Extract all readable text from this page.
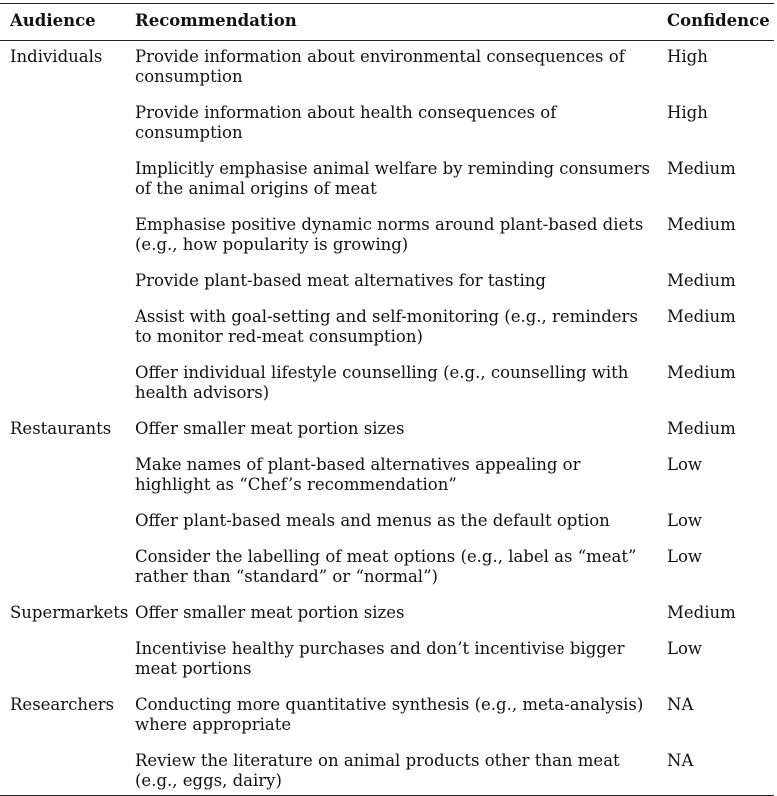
Audience	Recommendation	Confidence
Individuals	Provide information about environmental consequences of consumption	High
	Provide information about health consequences of consumption	High
	Implicitly emphasise animal welfare by reminding consumers of the animal origins of meat	Medium
	Emphasise positive dynamic norms around plant-based diets (e.g., how popularity is growing)	Medium
	Provide plant-based meat alternatives for tasting	Medium
	Assist with goal-setting and self-monitoring (e.g., reminders to monitor red-meat consumption)	Medium
	Offer individual lifestyle counselling (e.g., counselling with health advisors)	Medium
Restaurants	Offer smaller meat portion sizes	Medium
	Make names of plant-based alternatives appealing or highlight as “Chef’s recommendation”	Low
	Offer plant-based meals and menus as the default option	Low
	Consider the labelling of meat options (e.g., label as “meat” rather than “standard” or “normal”)	Low
Supermarkets	Offer smaller meat portion sizes	Medium
	Incentivise healthy purchases and don’t incentivise bigger meat portions	Low
Researchers	Conducting more quantitative synthesis (e.g., meta-analysis) where appropriate	NA
	Review the literature on animal products other than meat (e.g., eggs, dairy)	NA
